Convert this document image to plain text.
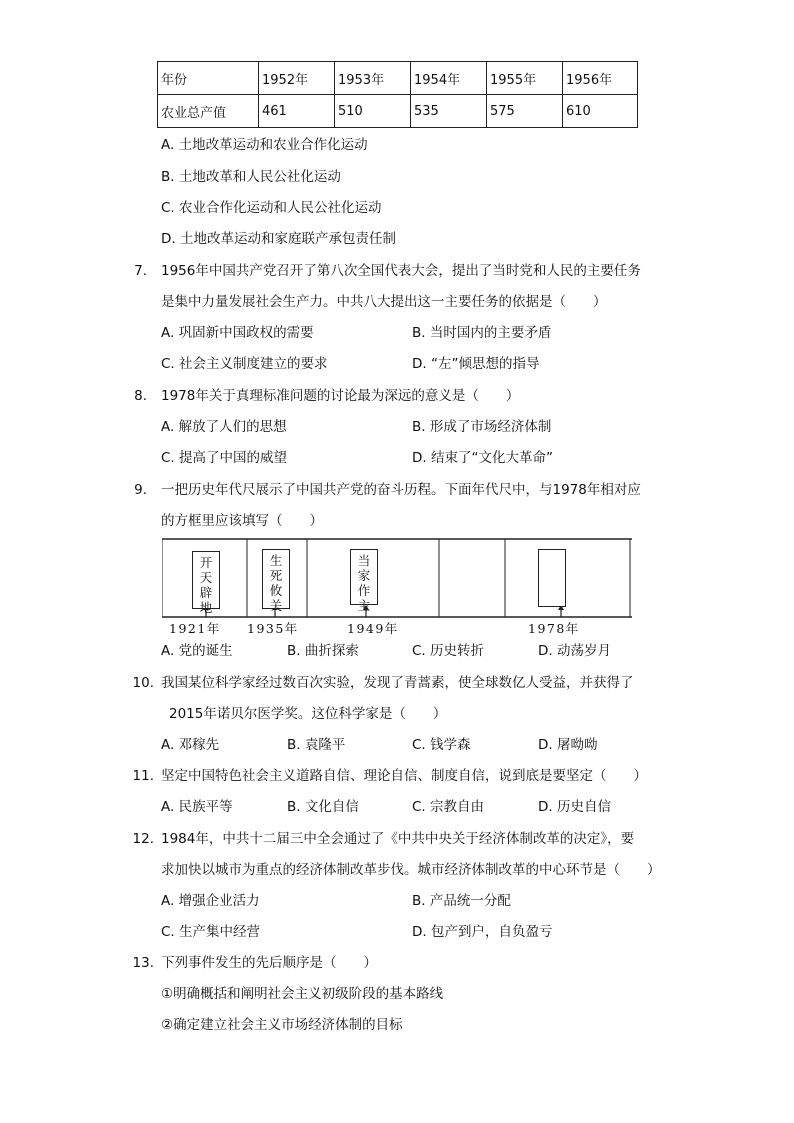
年份	1952年	1953年	1954年	1955年	1956年
农业总产值	461	510	535	575	610
A. 土地改革运动和农业合作化运动
B. 土地改革和人民公社化运动
C. 农业合作化运动和人民公社化运动
D. 土地改革运动和家庭联产承包责任制
7. 1956年中国共产党召开了第八次全国代表大会，提出了当时党和人民的主要任务
是集中力量发展社会生产力。中共八大提出这一主要任务的依据是（　　）
A. 巩固新中国政权的需要	B. 当时国内的主要矛盾
C. 社会主义制度建立的要求	D. “左”倾思想的指导
8. 1978年关于真理标准问题的讨论最为深远的意义是（　　）
A. 解放了人们的思想	B. 形成了市场经济体制
C. 提高了中国的威望	D. 结束了“文化大革命”
9. 一把历史年代尺展示了中国共产党的奋斗历程。下面年代尺中，与1978年相对应
的方框里应该填写（　　）
开
天
辟
地
生
死
攸
关
当
家
作
主
1921年 1935年	1949年	1978年
A. 党的诞生	B. 曲折探索	C. 历史转折	D. 动荡岁月
10. 我国某位科学家经过数百次实验，发现了青蒿素，使全球数亿人受益，并获得了
2015年诺贝尔医学奖。这位科学家是（　　）
A. 邓稼先	B. 袁隆平	C. 钱学森	D. 屠呦呦
11. 坚定中国特色社会主义道路自信、理论自信、制度自信，说到底是要坚定（　　）
A. 民族平等	B. 文化自信	C. 宗教自由	D. 历史自信
12. 1984年，中共十二届三中全会通过了《中共中央关于经济体制改革的决定》，要
求加快以城市为重点的经济体制改革步伐。城市经济体制改革的中心环节是（　　）
A. 增强企业活力	B. 产品统一分配
C. 生产集中经营	D. 包产到户，自负盈亏
13. 下列事件发生的先后顺序是（　　）
①明确概括和阐明社会主义初级阶段的基本路线
②确定建立社会主义市场经济体制的目标
